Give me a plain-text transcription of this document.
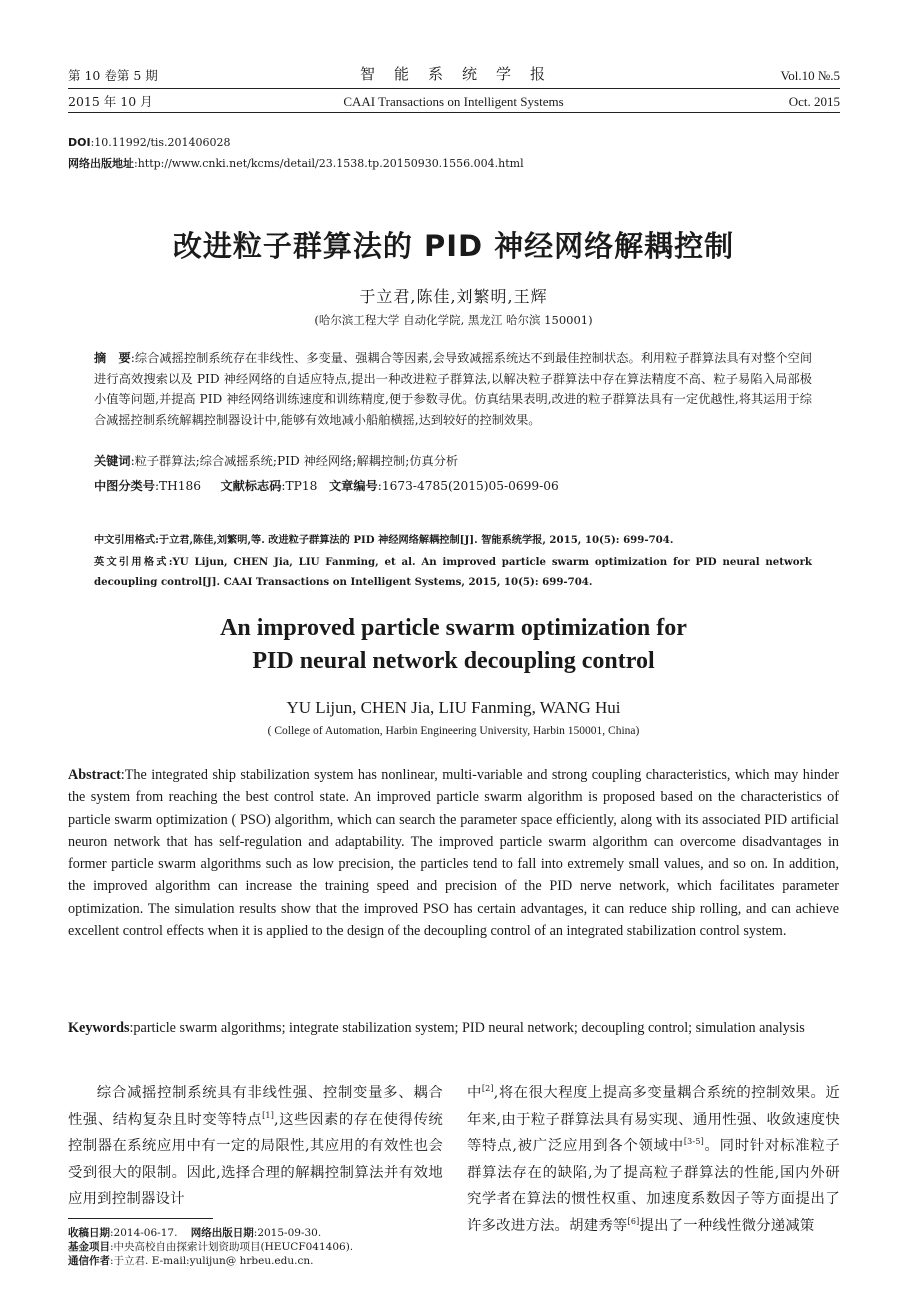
第 10 卷第 5 期
2015 年 10 月
智　能　系　统　学　报
CAAI Transactions on Intelligent Systems
Vol.10 №.5
Oct. 2015
DOI:10.11992/tis.201406028
网络出版地址:http://www.cnki.net/kcms/detail/23.1538.tp.20150930.1556.004.html
改进粒子群算法的 PID 神经网络解耦控制
于立君,陈佳,刘繁明,王辉
(哈尔滨工程大学 自动化学院, 黑龙江 哈尔滨 150001)
摘　要:综合减摇控制系统存在非线性、多变量、强耦合等因素,会导致减摇系统达不到最佳控制状态。利用粒子群算法具有对整个空间进行高效搜索以及 PID 神经网络的自适应特点,提出一种改进粒子群算法,以解决粒子群算法中存在算法精度不高、粒子易陷入局部极小值等问题,并提高 PID 神经网络训练速度和训练精度,便于参数寻优。仿真结果表明,改进的粒子群算法具有一定优越性,将其运用于综合减摇控制系统解耦控制器设计中,能够有效地减小船舶横摇,达到较好的控制效果。
关键词:粒子群算法;综合减摇系统;PID 神经网络;解耦控制;仿真分析
中图分类号:TH186 文献标志码:TP18 文章编号:1673-4785(2015)05-0699-06
中文引用格式:于立君,陈佳,刘繁明,等. 改进粒子群算法的 PID 神经网络解耦控制[J]. 智能系统学报, 2015, 10(5): 699-704.
英文引用格式:YU Lijun, CHEN Jia, LIU Fanming, et al. An improved particle swarm optimization for PID neural network decoupling control[J]. CAAI Transactions on Intelligent Systems, 2015, 10(5): 699-704.
An improved particle swarm optimization for
PID neural network decoupling control
YU Lijun, CHEN Jia, LIU Fanming, WANG Hui
( College of Automation, Harbin Engineering University, Harbin 150001, China)
Abstract:The integrated ship stabilization system has nonlinear, multi-variable and strong coupling characteristics, which may hinder the system from reaching the best control state. An improved particle swarm algorithm is proposed based on the characteristics of particle swarm optimization ( PSO) algorithm, which can search the parameter space efficiently, along with its associated PID artificial neuron network that has self-regulation and adaptability. The improved particle swarm algorithm can overcome disadvantages in former particle swarm algorithms such as low precision, the particles tend to fall into extremely small values, and so on. In addition, the improved algorithm can increase the training speed and precision of the PID nerve network, which facilitates parameter optimization. The simulation results show that the improved PSO has certain advantages, it can reduce ship rolling, and can achieve excellent control effects when it is applied to the design of the decoupling control of an integrated stabilization control system.
Keywords:particle swarm algorithms; integrate stabilization system; PID neural network; decoupling control; simulation analysis
综合减摇控制系统具有非线性强、控制变量多、耦合性强、结构复杂且时变等特点[1],这些因素的存在使得传统控制器在系统应用中有一定的局限性,其应用的有效性也会受到很大的限制。因此,选择合理的解耦控制算法并有效地应用到控制器设计
中[2],将在很大程度上提高多变量耦合系统的控制效果。近年来,由于粒子群算法具有易实现、通用性强、收敛速度快等特点,被广泛应用到各个领域中[3-5]。同时针对标准粒子群算法存在的缺陷,为了提高粒子群算法的性能,国内外研究学者在算法的惯性权重、加速度系数因子等方面提出了许多改进方法。胡建秀等[6]提出了一种线性微分递减策
收稿日期:2014-06-17. 网络出版日期:2015-09-30.
基金项目:中央高校自由探索计划资助项目(HEUCF041406).
通信作者:于立君. E-mail:yulijun@ hrbeu.edu.cn.
